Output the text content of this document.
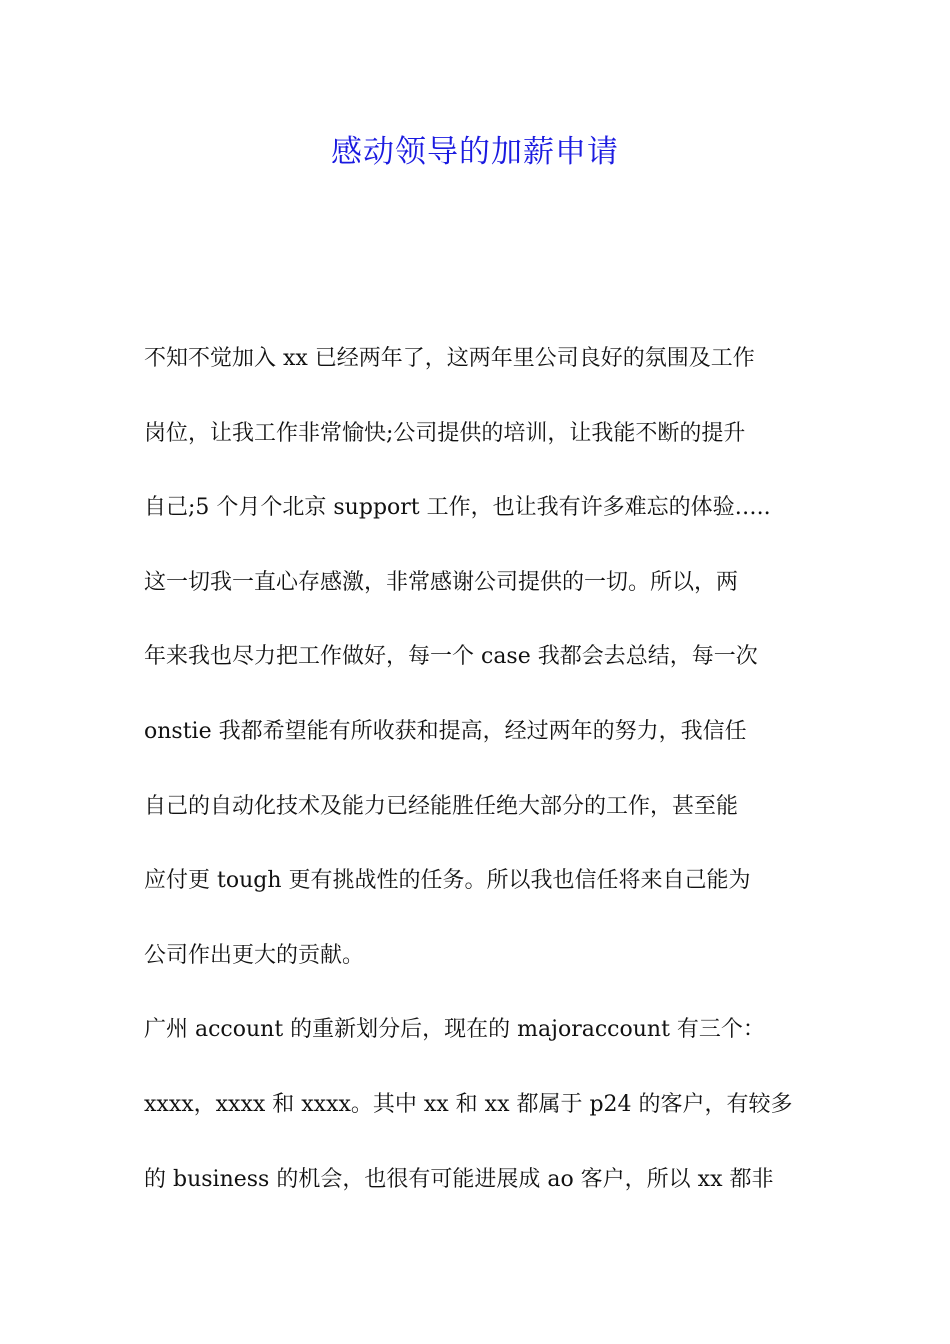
感动领导的加薪申请
不知不觉加入 xx 已经两年了，这两年里公司良好的氛围及工作
岗位，让我工作非常愉快;公司提供的培训，让我能不断的提升
自己;5 个月个北京 support 工作，也让我有许多难忘的体验…..
这一切我一直心存感激，非常感谢公司提供的一切。所以，两
年来我也尽力把工作做好，每一个 case 我都会去总结，每一次
onstie 我都希望能有所收获和提高，经过两年的努力，我信任
自己的自动化技术及能力已经能胜任绝大部分的工作，甚至能
应付更 tough 更有挑战性的任务。所以我也信任将来自己能为
公司作出更大的贡献。
广州 account 的重新划分后，现在的 majoraccount 有三个：
xxxx，xxxx 和 xxxx。其中 xx 和 xx 都属于 p24 的客户，有较多
的 business 的机会，也很有可能进展成 ao 客户，所以 xx 都非
